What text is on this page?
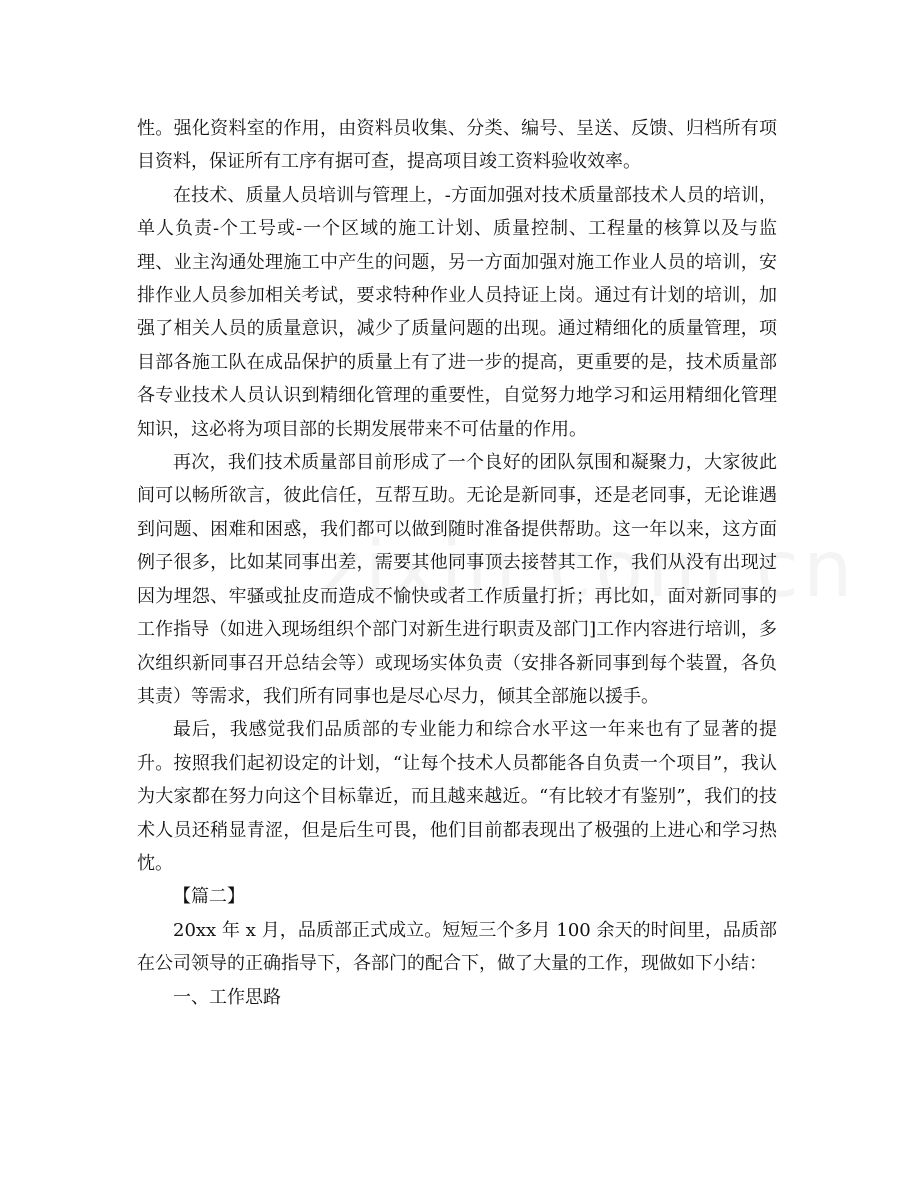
性。强化资料室的作用，由资料员收集、分类、编号、呈送、反馈、归档所有项目资料，保证所有工序有据可查，提高项目竣工资料验收效率。

在技术、质量人员培训与管理上，-方面加强对技术质量部技术人员的培训，单人负责-个工号或-一个区域的施工计划、质量控制、工程量的核算以及与监理、业主沟通处理施工中产生的问题，另一方面加强对施工作业人员的培训，安排作业人员参加相关考试，要求特种作业人员持证上岗。通过有计划的培训，加强了相关人员的质量意识，减少了质量问题的出现。通过精细化的质量管理，项目部各施工队在成品保护的质量上有了进一步的提高，更重要的是，技术质量部各专业技术人员认识到精细化管理的重要性，自觉努力地学习和运用精细化管理知识，这必将为项目部的长期发展带来不可估量的作用。

再次，我们技术质量部目前形成了一个良好的团队氛围和凝聚力，大家彼此间可以畅所欲言，彼此信任，互帮互助。无论是新同事，还是老同事，无论谁遇到问题、困难和困惑，我们都可以做到随时准备提供帮助。这一年以来，这方面例子很多，比如某同事出差，需要其他同事顶去接替其工作，我们从没有出现过因为埋怨、牢骚或扯皮而造成不愉快或者工作质量打折；再比如，面对新同事的工作指导（如进入现场组织个部门对新生进行职责及部门]工作内容进行培训，多次组织新同事召开总结会等）或现场实体负责（安排各新同事到每个装置，各负其责）等需求，我们所有同事也是尽心尽力，倾其全部施以援手。

最后，我感觉我们品质部的专业能力和综合水平这一年来也有了显著的提升。按照我们起初设定的计划，“让每个技术人员都能各自负责一个项目”，我认为大家都在努力向这个目标靠近，而且越来越近。“有比较才有鉴别”，我们的技术人员还稍显青涩，但是后生可畏，他们目前都表现出了极强的上进心和学习热忱。

【篇二】

20xx 年 x 月，品质部正式成立。短短三个多月 100 余天的时间里，品质部在公司领导的正确指导下，各部门的配合下，做了大量的工作，现做如下小结：

一、工作思路
